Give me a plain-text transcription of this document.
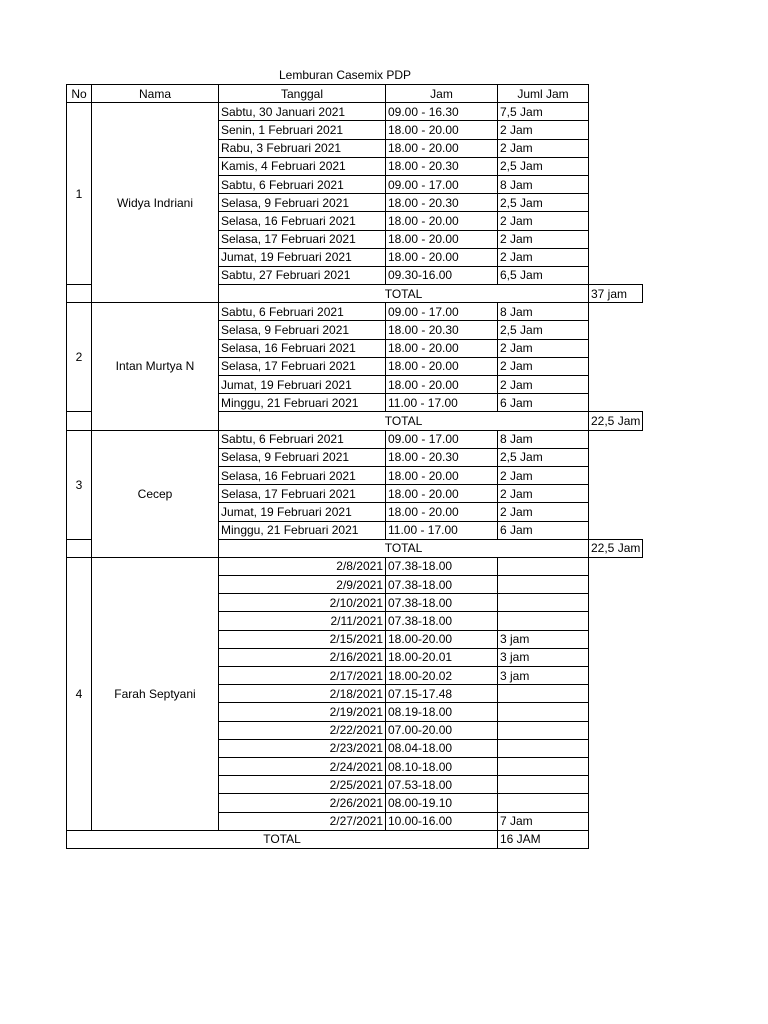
Lemburan Casemix PDP
No	Nama	Tanggal	Jam	Juml Jam	
1	Widya Indriani	Sabtu, 30 Januari 2021	09.00 - 16.30	7,5 Jam	
		Senin, 1 Februari 2021	18.00 - 20.00	2 Jam	
		Rabu, 3 Februari 2021	18.00 - 20.00	2 Jam	
		Kamis, 4 Februari 2021	18.00 - 20.30	2,5 Jam	
		Sabtu, 6 Februari 2021	09.00 - 17.00	8 Jam	
		Selasa, 9 Februari 2021	18.00 - 20.30	2,5 Jam	
		Selasa, 16 Februari 2021	18.00 - 20.00	2 Jam	
		Selasa, 17 Februari 2021	18.00 - 20.00	2 Jam	
		Jumat, 19 Februari 2021	18.00 - 20.00	2 Jam	
		Sabtu, 27 Februari 2021	09.30-16.00	6,5 Jam	
		TOTAL			37 jam
2	Intan Murtya N	Sabtu, 6 Februari 2021	09.00 - 17.00	8 Jam	
		Selasa, 9 Februari 2021	18.00 - 20.30	2,5 Jam	
		Selasa, 16 Februari 2021	18.00 - 20.00	2 Jam	
		Selasa, 17 Februari 2021	18.00 - 20.00	2 Jam	
		Jumat, 19 Februari 2021	18.00 - 20.00	2 Jam	
		Minggu, 21 Februari 2021	11.00 - 17.00	6 Jam	
		TOTAL			22,5 Jam
3	Cecep	Sabtu, 6 Februari 2021	09.00 - 17.00	8 Jam	
		Selasa, 9 Februari 2021	18.00 - 20.30	2,5 Jam	
		Selasa, 16 Februari 2021	18.00 - 20.00	2 Jam	
		Selasa, 17 Februari 2021	18.00 - 20.00	2 Jam	
		Jumat, 19 Februari 2021	18.00 - 20.00	2 Jam	
		Minggu, 21 Februari 2021	11.00 - 17.00	6 Jam	
		TOTAL			22,5 Jam
4	Farah Septyani	2/8/2021	07.38-18.00		
		2/9/2021	07.38-18.00		
		2/10/2021	07.38-18.00		
		2/11/2021	07.38-18.00		
		2/15/2021	18.00-20.00	3 jam	
		2/16/2021	18.00-20.01	3 jam	
		2/17/2021	18.00-20.02	3 jam	
		2/18/2021	07.15-17.48		
		2/19/2021	08.19-18.00		
		2/22/2021	07.00-20.00		
		2/23/2021	08.04-18.00		
		2/24/2021	08.10-18.00		
		2/25/2021	07.53-18.00		
		2/26/2021	08.00-19.10		
		2/27/2021	10.00-16.00	7 Jam	
TOTAL				16 JAM	
